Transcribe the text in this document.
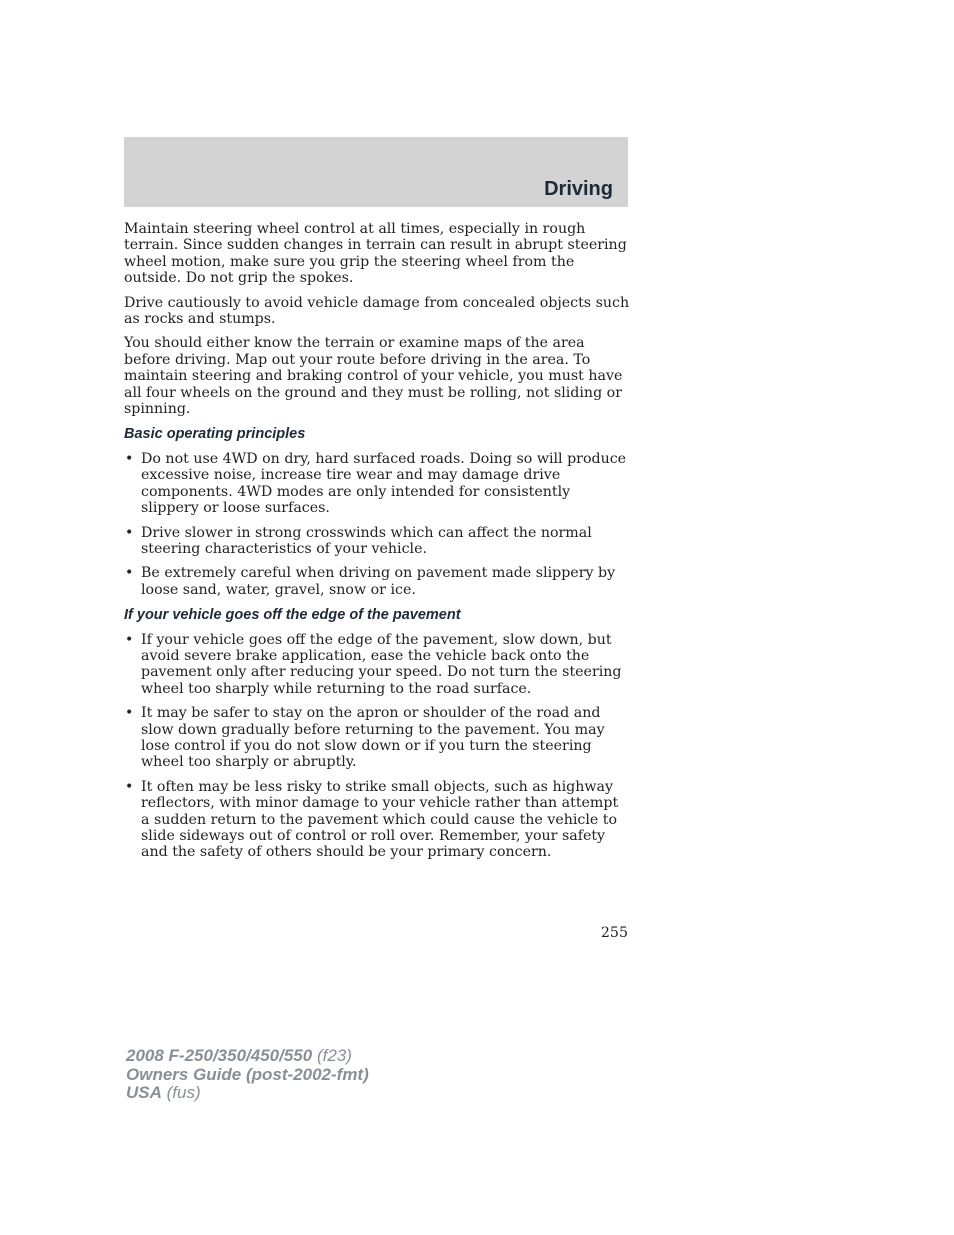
Driving

Maintain steering wheel control at all times, especially in rough terrain. Since sudden changes in terrain can result in abrupt steering wheel motion, make sure you grip the steering wheel from the outside. Do not grip the spokes.

Drive cautiously to avoid vehicle damage from concealed objects such as rocks and stumps.

You should either know the terrain or examine maps of the area before driving. Map out your route before driving in the area. To maintain steering and braking control of your vehicle, you must have all four wheels on the ground and they must be rolling, not sliding or spinning.

Basic operating principles
• Do not use 4WD on dry, hard surfaced roads. Doing so will produce excessive noise, increase tire wear and may damage drive components. 4WD modes are only intended for consistently slippery or loose surfaces.
• Drive slower in strong crosswinds which can affect the normal steering characteristics of your vehicle.
• Be extremely careful when driving on pavement made slippery by loose sand, water, gravel, snow or ice.
If your vehicle goes off the edge of the pavement
• If your vehicle goes off the edge of the pavement, slow down, but avoid severe brake application, ease the vehicle back onto the pavement only after reducing your speed. Do not turn the steering wheel too sharply while returning to the road surface.
• It may be safer to stay on the apron or shoulder of the road and slow down gradually before returning to the pavement. You may lose control if you do not slow down or if you turn the steering wheel too sharply or abruptly.
• It often may be less risky to strike small objects, such as highway reflectors, with minor damage to your vehicle rather than attempt a sudden return to the pavement which could cause the vehicle to slide sideways out of control or roll over. Remember, your safety and the safety of others should be your primary concern.
255
2008 F-250/350/450/550 (f23)
Owners Guide (post-2002-fmt)
USA (fus)
